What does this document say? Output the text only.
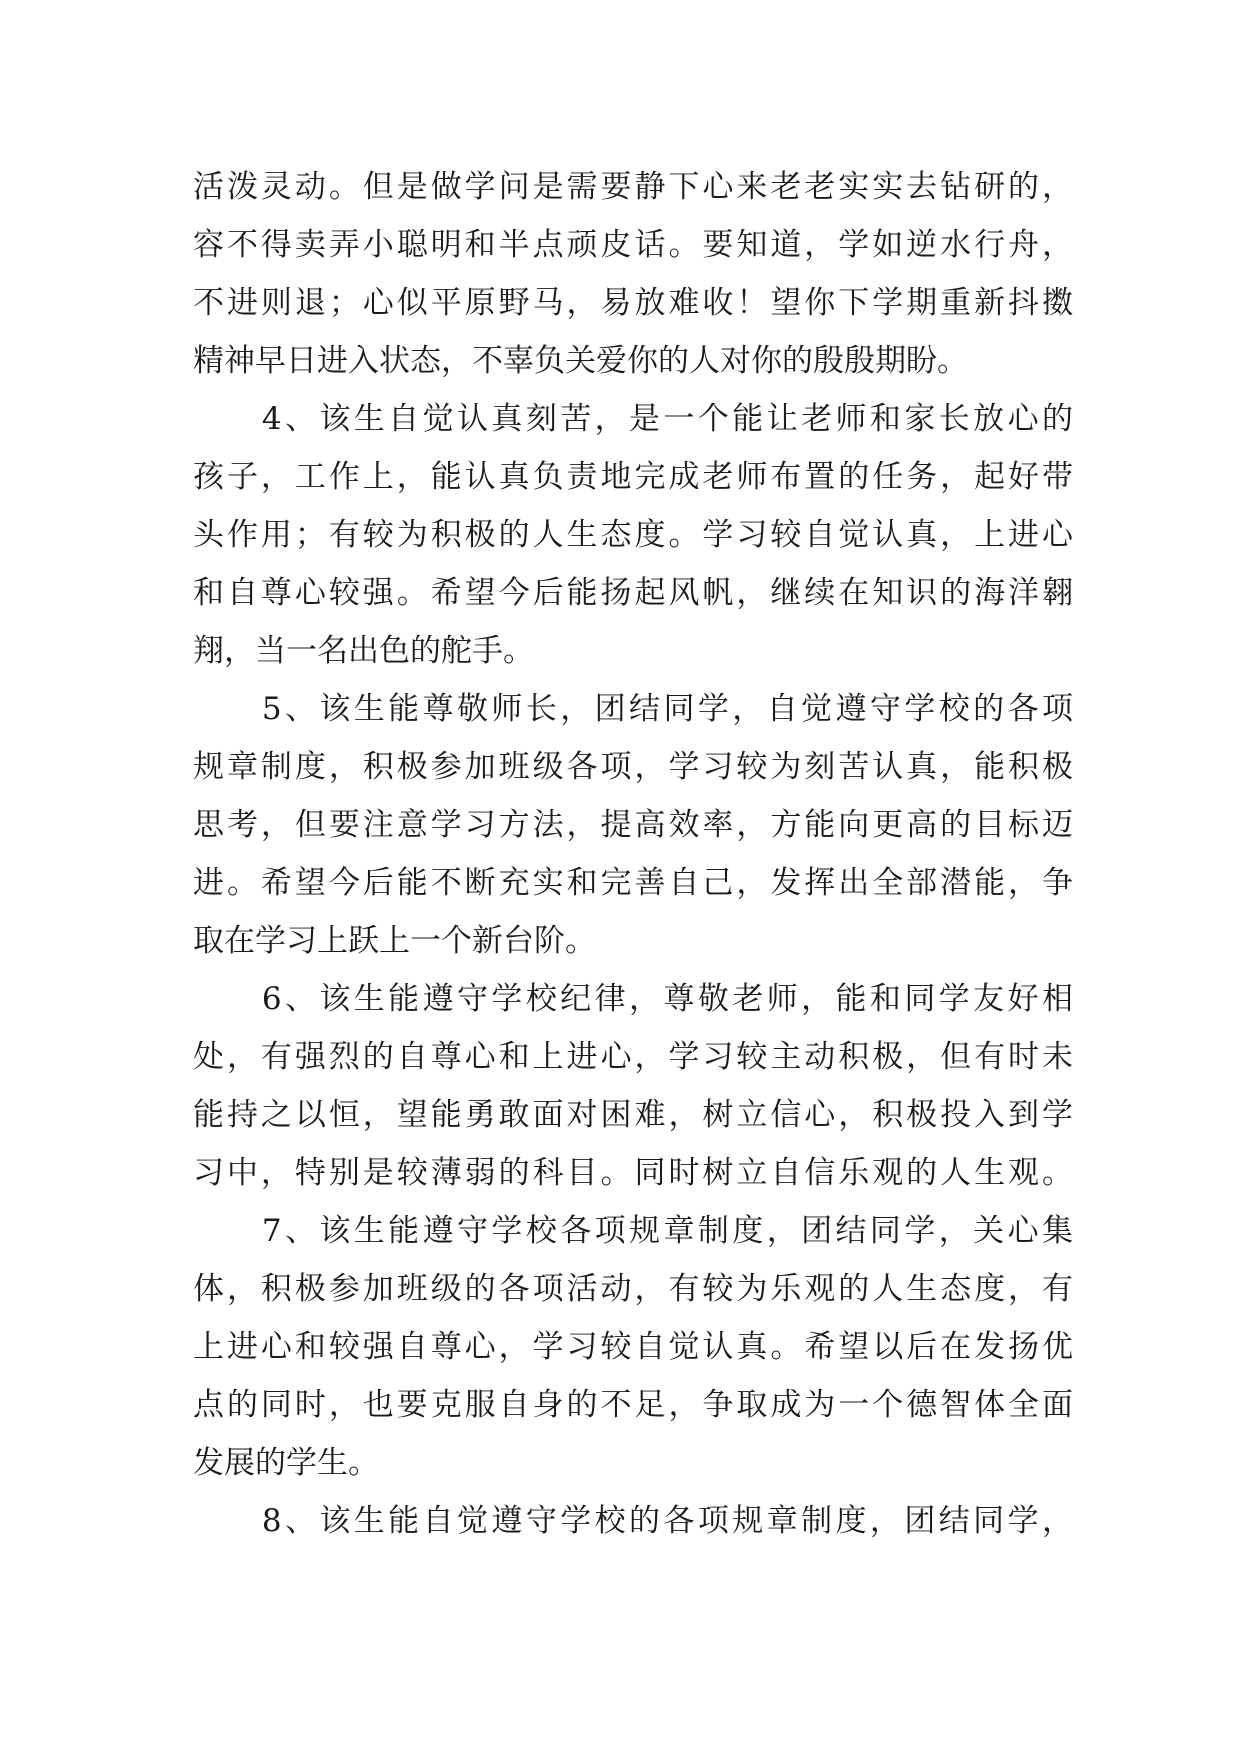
活泼灵动。但是做学问是需要静下心来老老实实去钻研的，
容不得卖弄小聪明和半点顽皮话。要知道，学如逆水行舟，
不进则退；心似平原野马，易放难收！望你下学期重新抖擞
精神早日进入状态，不辜负关爱你的人对你的殷殷期盼。
　　4、该生自觉认真刻苦，是一个能让老师和家长放心的
孩子，工作上，能认真负责地完成老师布置的任务，起好带
头作用；有较为积极的人生态度。学习较自觉认真，上进心
和自尊心较强。希望今后能扬起风帆，继续在知识的海洋翱
翔，当一名出色的舵手。
　　5、该生能尊敬师长，团结同学，自觉遵守学校的各项
规章制度，积极参加班级各项，学习较为刻苦认真，能积极
思考，但要注意学习方法，提高效率，方能向更高的目标迈
进。希望今后能不断充实和完善自己，发挥出全部潜能，争
取在学习上跃上一个新台阶。
　　6、该生能遵守学校纪律，尊敬老师，能和同学友好相
处，有强烈的自尊心和上进心，学习较主动积极，但有时未
能持之以恒，望能勇敢面对困难，树立信心，积极投入到学
习中，特别是较薄弱的科目。同时树立自信乐观的人生观。
　　7、该生能遵守学校各项规章制度，团结同学，关心集
体，积极参加班级的各项活动，有较为乐观的人生态度，有
上进心和较强自尊心，学习较自觉认真。希望以后在发扬优
点的同时，也要克服自身的不足，争取成为一个德智体全面
发展的学生。
　　8、该生能自觉遵守学校的各项规章制度，团结同学，
